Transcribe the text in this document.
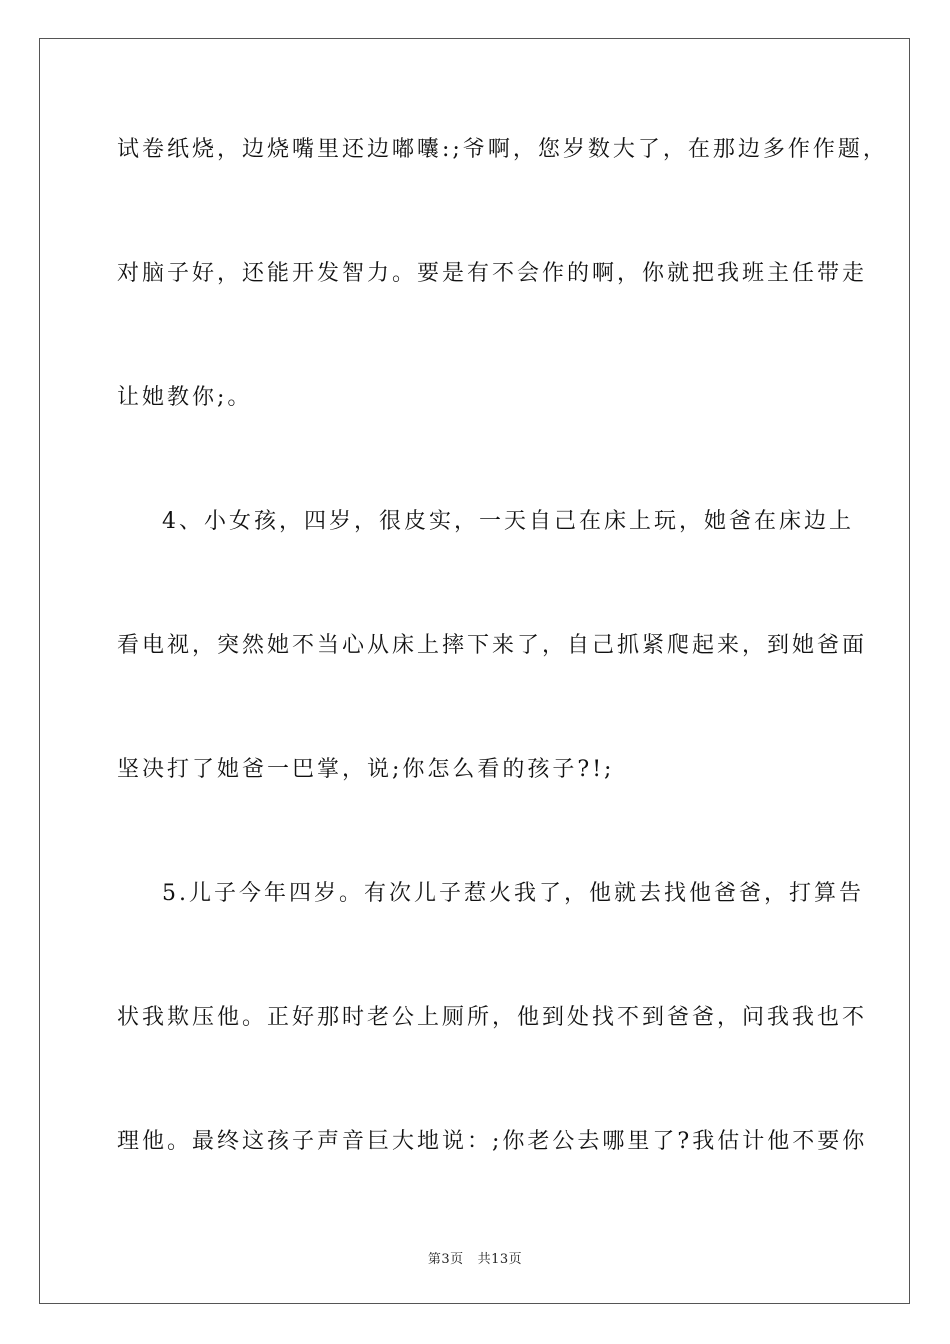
试卷纸烧，边烧嘴里还边嘟囔:;爷啊，您岁数大了，在那边多作作题，
对脑子好，还能开发智力。要是有不会作的啊，你就把我班主任带走
让她教你;。
4、小女孩，四岁，很皮实，一天自己在床上玩，她爸在床边上
看电视，突然她不当心从床上摔下来了，自己抓紧爬起来，到她爸面
坚决打了她爸一巴掌，说;你怎么看的孩子?!;
5.儿子今年四岁。有次儿子惹火我了，他就去找他爸爸，打算告
状我欺压他。正好那时老公上厕所，他到处找不到爸爸，问我我也不
理他。最终这孩子声音巨大地说：;你老公去哪里了?我估计他不要你
第3页 共13页
